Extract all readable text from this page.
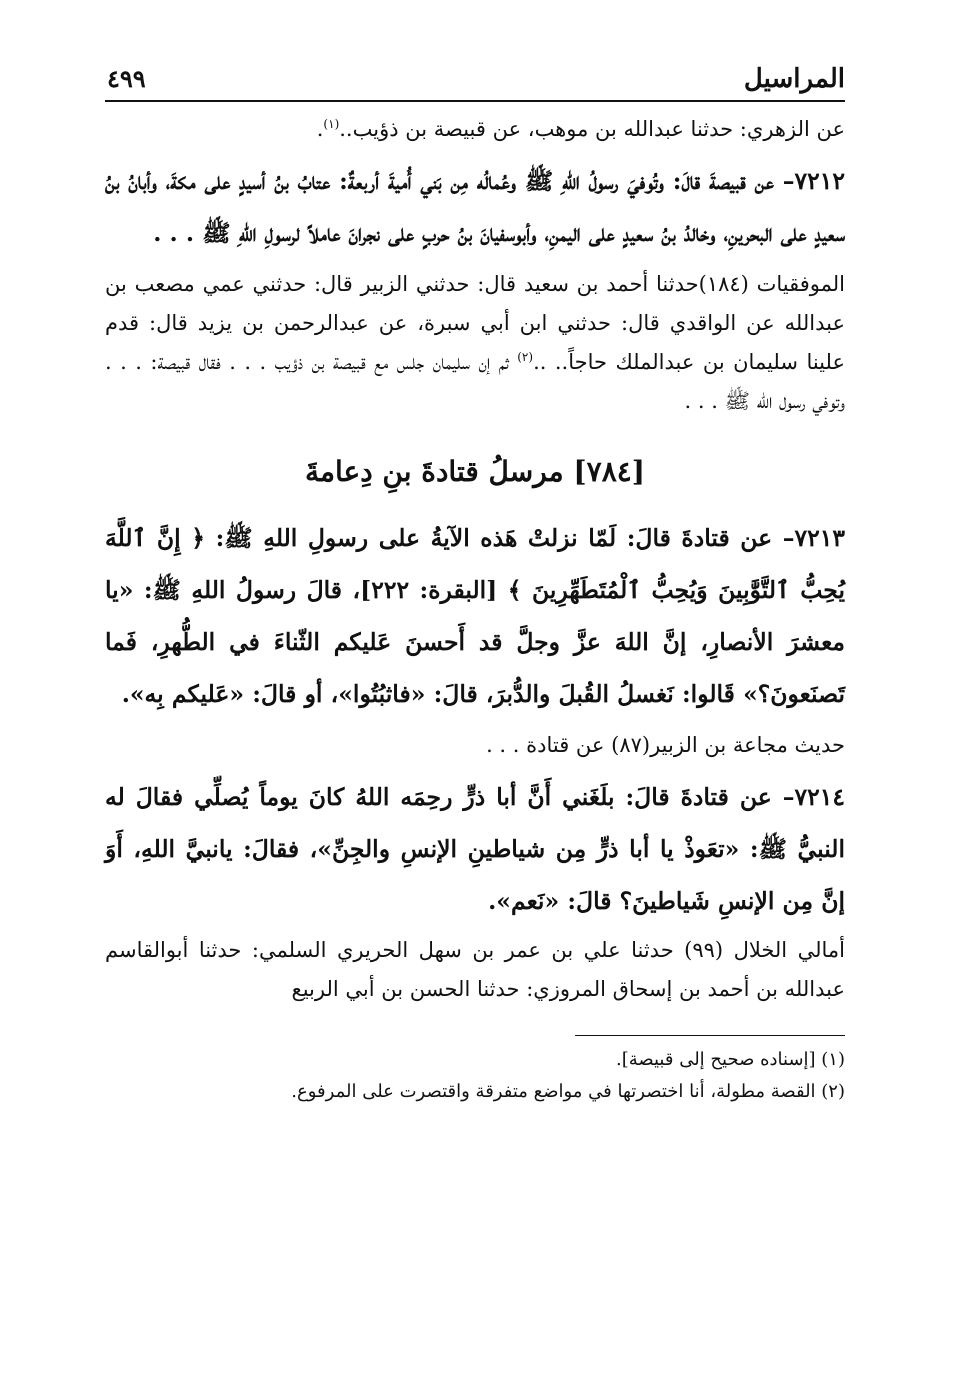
المراسيل
٤٩٩

عن الزهري: حدثنا عبدالله بن موهب، عن قبيصة بن ذؤيب..$^{(١)}$.

٧٢١٢– عن قبيصةَ قالَ: وتُوفيَ رسولُ اللهِ ﷺ وعُمالُه مِن بَني أُميةَ أربعةٌ: عتابُ بنُ أسيدٍ على مكةَ، وأبانُ بنُ سعيدٍ على البحرينِ، وخالدُ بنُ سعيدٍ على اليمنِ، وأبوسفيانَ بنُ حربٍ على نجرانَ عاملاً لرسولِ اللهِ ﷺ . . .

الموفقيات (١٨٤)حدثنا أحمد بن سعيد قال: حدثني الزبير قال: حدثني عمي مصعب بن عبدالله عن الواقدي قال: حدثني ابن أبي سبرة، عن عبدالرحمن بن يزيد قال: قدم علينا سليمان بن عبدالملك حاجاً.. ..$^{(٢)}$ ثم إن سليمان جلس مع قبيصة بن ذؤيب . . . فقال قبيصة: . . . وتوفي رسول الله ﷺ . . .

[٧٨٤] مرسلُ قتادةَ بنِ دِعامةَ

٧٢١٣– عن قتادةَ قالَ: لَمّا نزلتْ هَذه الآيةُ على رسولِ اللهِ ﷺ: ﴿ إِنَّ ٱللَّهَ يُحِبُّ ٱلتَّوَّٰبِينَ وَيُحِبُّ ٱلْمُتَطَهِّرِينَ ﴾ [البقرة: ٢٢٢]، قالَ رسولُ اللهِ ﷺ: «يا معشرَ الأنصارِ، إنَّ اللهَ عزَّ وجلَّ قد أَحسنَ عَليكم الثّناءَ في الطُّهرِ، فَما تَصنَعونَ؟» قَالوا: نَغسلُ القُبلَ والدُّبرَ، قالَ: «فاثبُتُوا»، أو قالَ: «عَليكم بِه».

حديث مجاعة بن الزبير(٨٧) عن قتادة . . .

٧٢١٤– عن قتادةَ قالَ: بلَغَني أَنَّ أبا ذرٍّ رحِمَه اللهُ كانَ يوماً يُصلِّي فقالَ له النبيُّ ﷺ: «تعَوذْ يا أبا ذرٍّ مِن شياطينِ الإنسِ والجِنِّ»، فقالَ: يانبيَّ اللهِ، أَوَ إنَّ مِن الإنسِ شَياطينَ؟ قالَ: «نَعم».

أمالي الخلال (٩٩) حدثنا علي بن عمر بن سهل الحريري السلمي: حدثنا أبوالقاسم عبدالله بن أحمد بن إسحاق المروزي: حدثنا الحسن بن أبي الربيع

(١) [إسناده صحيح إلى قبيصة].

(٢) القصة مطولة، أنا اختصرتها في مواضع متفرقة واقتصرت على المرفوع.
